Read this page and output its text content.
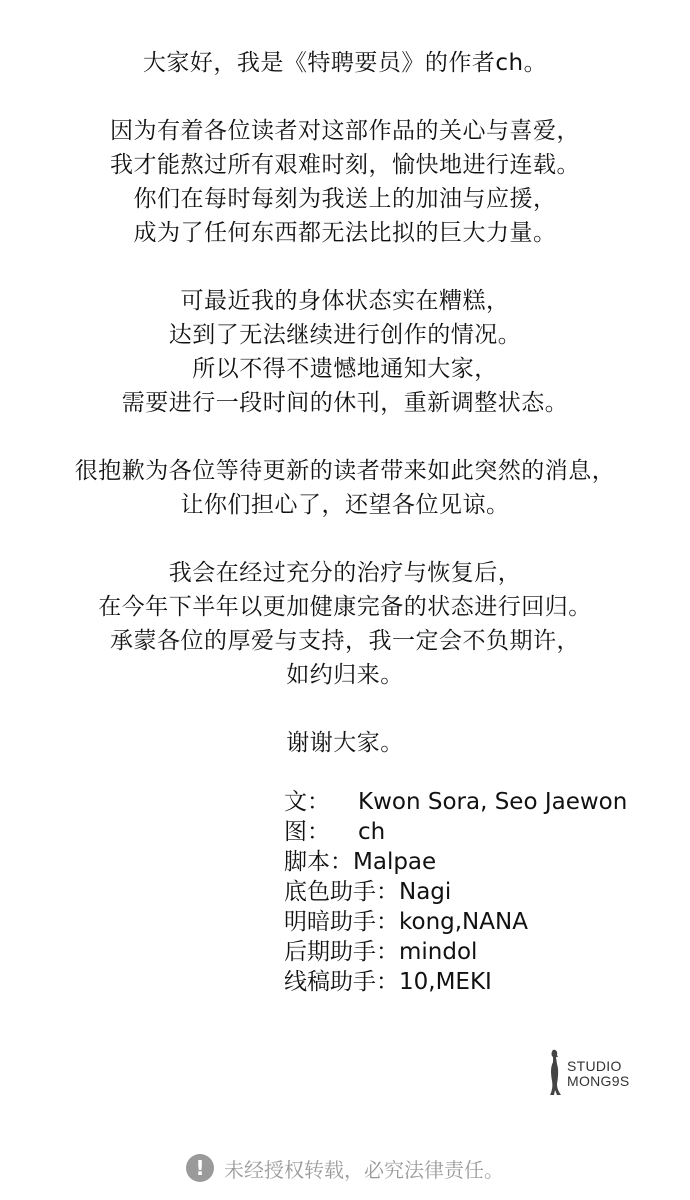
大家好，我是《特聘要员》的作者ch。
因为有着各位读者对这部作品的关心与喜爱，
我才能熬过所有艰难时刻，愉快地进行连载。
你们在每时每刻为我送上的加油与应援，
成为了任何东西都无法比拟的巨大力量。
可最近我的身体状态实在糟糕，
达到了无法继续进行创作的情况。
所以不得不遗憾地通知大家，
需要进行一段时间的休刊，重新调整状态。
很抱歉为各位等待更新的读者带来如此突然的消息，
让你们担心了，还望各位见谅。
我会在经过充分的治疗与恢复后，
在今年下半年以更加健康完备的状态进行回归。
承蒙各位的厚爱与支持，我一定会不负期许，
如约归来。
谢谢大家。
文：	Kwon Sora, Seo Jaewon
图：	ch
脚本： Malpae
底色助手： Nagi
明暗助手： kong,NANA
后期助手： mindol
线稿助手： 10,MEKI
STUDIO
MONG9S
! 未经授权转载，必究法律责任。
